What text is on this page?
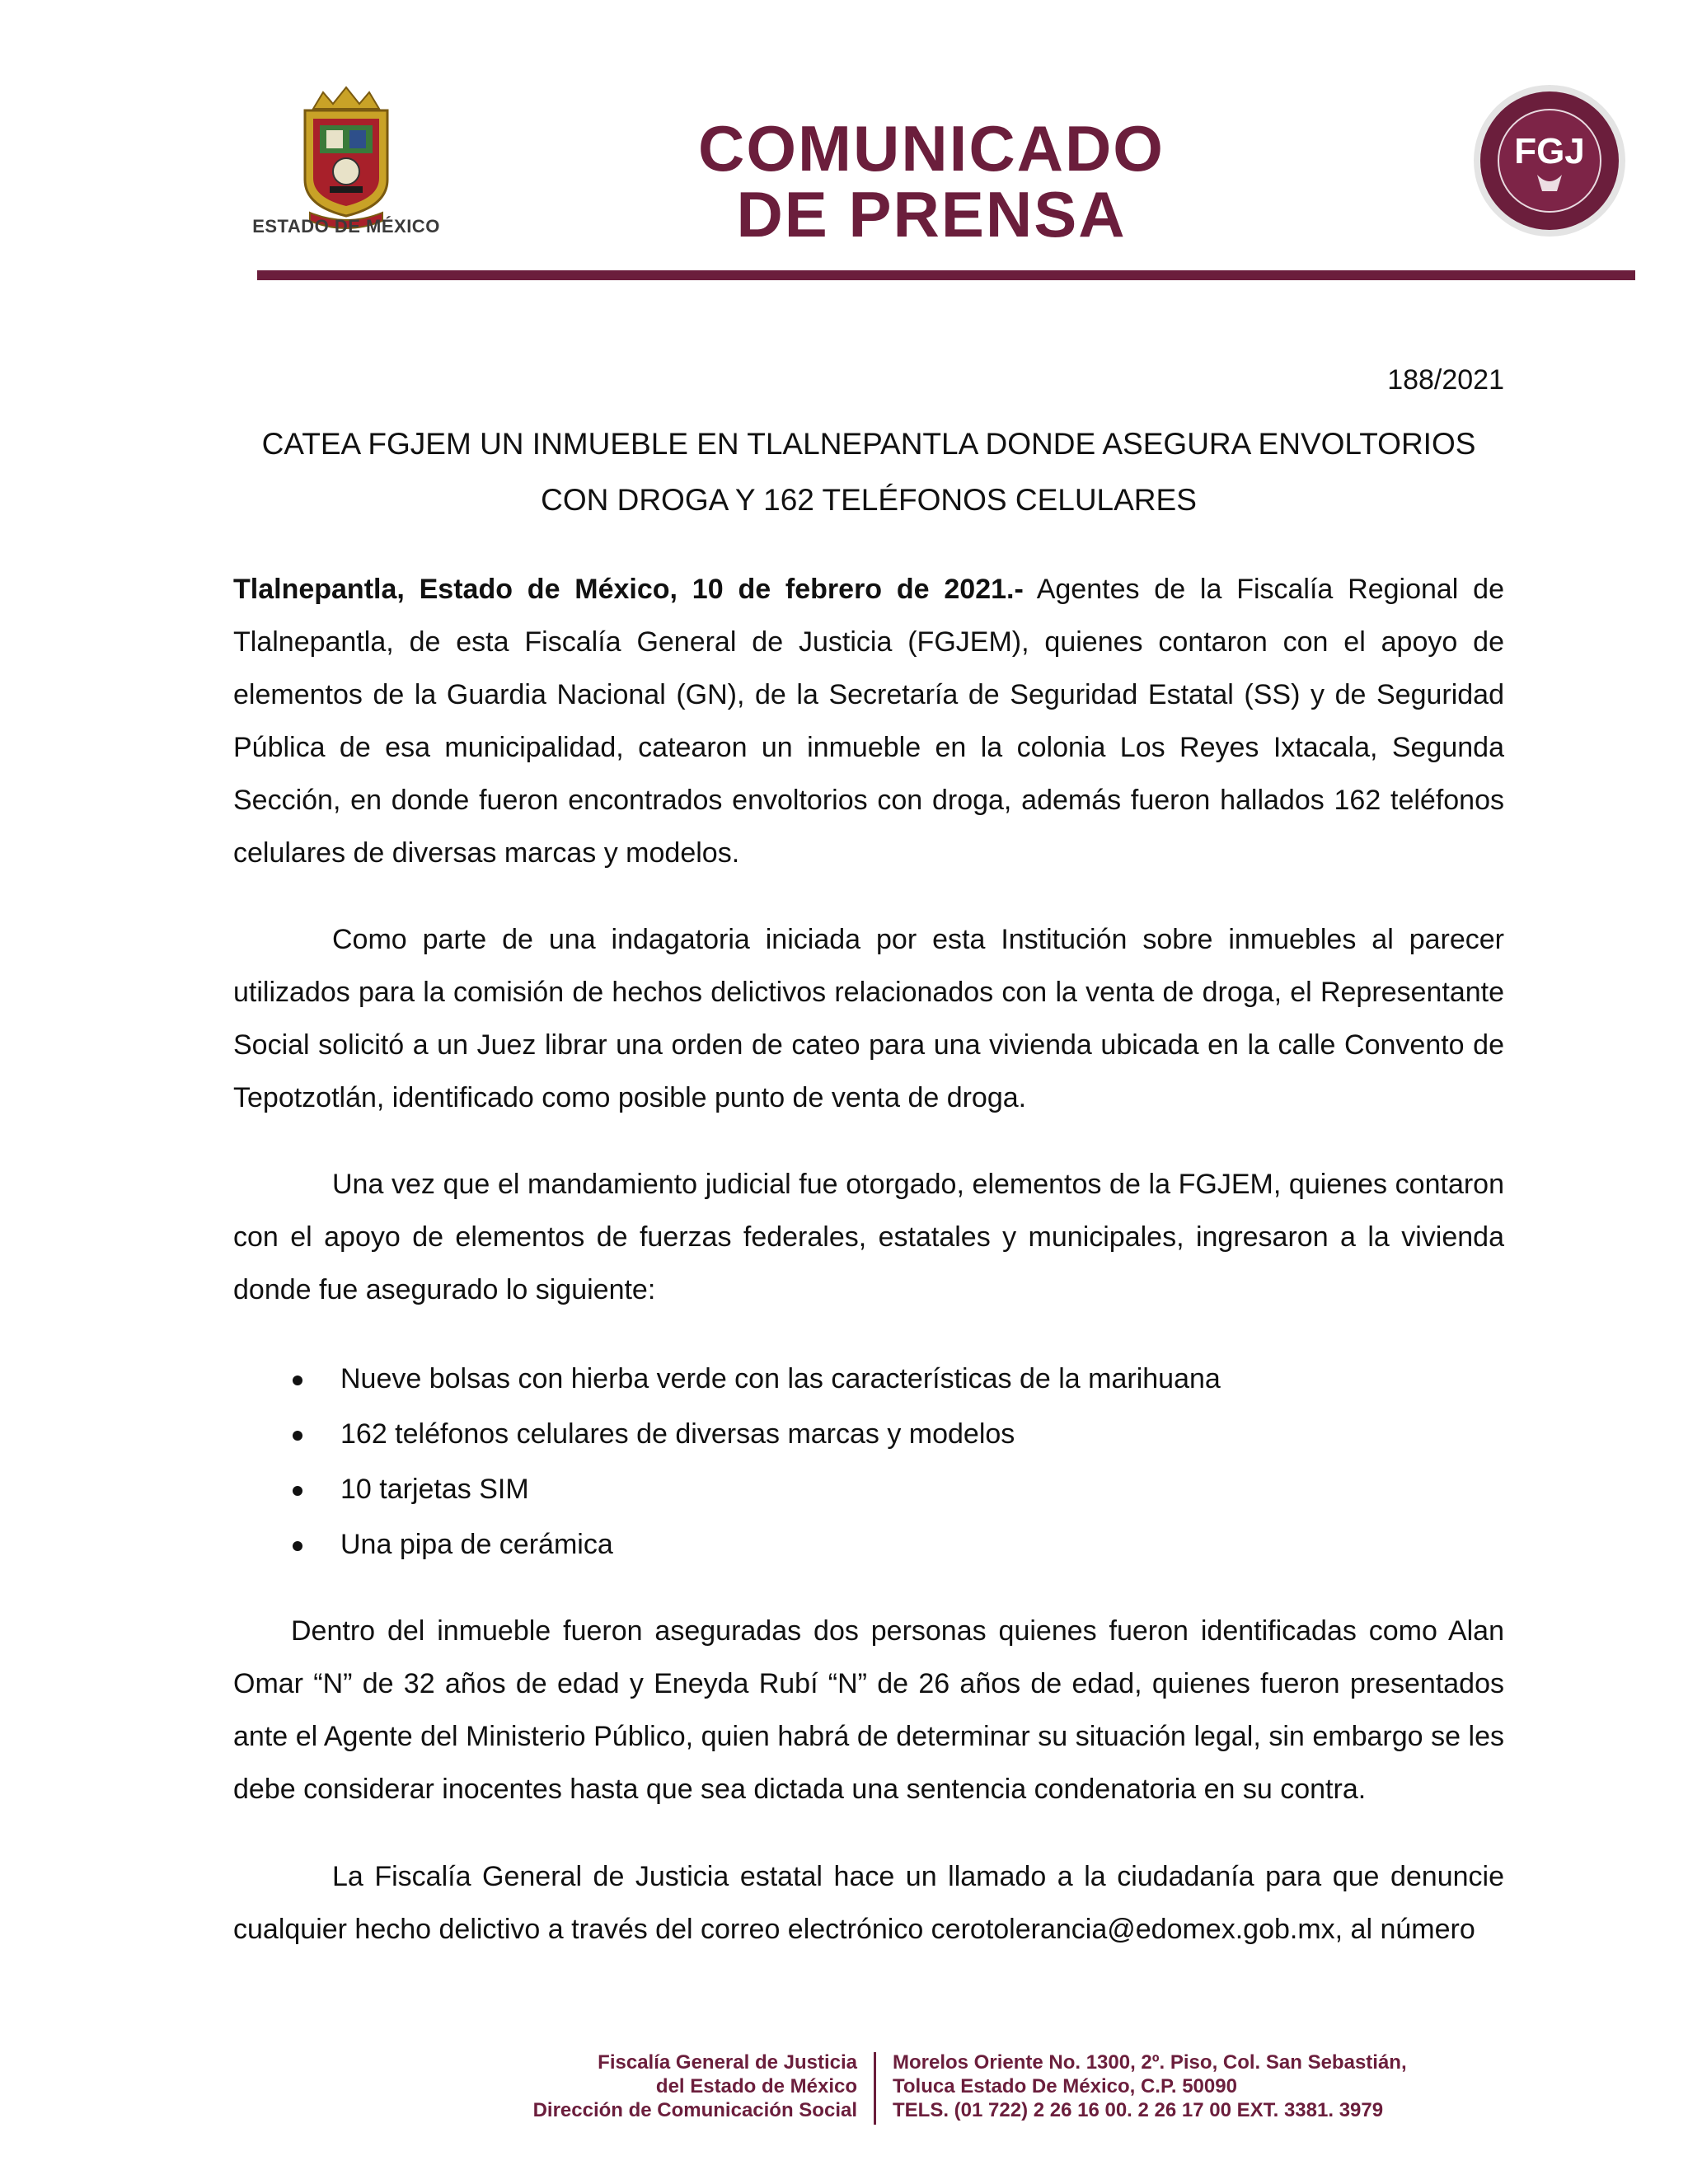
ESTADO DE MÉXICO
COMUNICADO
DE PRENSA
FGJ
188/2021
CATEA FGJEM UN INMUEBLE EN TLALNEPANTLA DONDE ASEGURA ENVOLTORIOS
CON DROGA Y 162 TELÉFONOS CELULARES
Tlalnepantla, Estado de México, 10 de febrero de 2021.- Agentes de la Fiscalía Regional de Tlalnepantla, de esta Fiscalía General de Justicia (FGJEM), quienes contaron con el apoyo de elementos de la Guardia Nacional (GN), de la Secretaría de Seguridad Estatal (SS) y de Seguridad Pública de esa municipalidad, catearon un inmueble en la colonia Los Reyes Ixtacala, Segunda Sección, en donde fueron encontrados envoltorios con droga, además fueron hallados 162 teléfonos celulares de diversas marcas y modelos.
Como parte de una indagatoria iniciada por esta Institución sobre inmuebles al parecer utilizados para la comisión de hechos delictivos relacionados con la venta de droga, el Representante Social solicitó a un Juez librar una orden de cateo para una vivienda ubicada en la calle Convento de Tepotzotlán, identificado como posible punto de venta de droga.
Una vez que el mandamiento judicial fue otorgado, elementos de la FGJEM, quienes contaron con el apoyo de elementos de fuerzas federales, estatales y municipales, ingresaron a la vivienda donde fue asegurado lo siguiente:
Nueve bolsas con hierba verde con las características de la marihuana
162 teléfonos celulares de diversas marcas y modelos
10 tarjetas SIM
Una pipa de cerámica
Dentro del inmueble fueron aseguradas dos personas quienes fueron identificadas como Alan Omar “N” de 32 años de edad y Eneyda Rubí “N” de 26 años de edad, quienes fueron presentados ante el Agente del Ministerio Público, quien habrá de determinar su situación legal, sin embargo se les debe considerar inocentes hasta que sea dictada una sentencia condenatoria en su contra.
La Fiscalía General de Justicia estatal hace un llamado a la ciudadanía para que denuncie cualquier hecho delictivo a través del correo electrónico cerotolerancia@edomex.gob.mx, al número
Fiscalía General de Justicia
del Estado de México
Dirección de Comunicación Social
Morelos Oriente No. 1300, 2º. Piso, Col. San Sebastián,
Toluca Estado De México, C.P. 50090
TELS. (01 722) 2 26 16 00. 2 26 17 00 EXT. 3381. 3979
